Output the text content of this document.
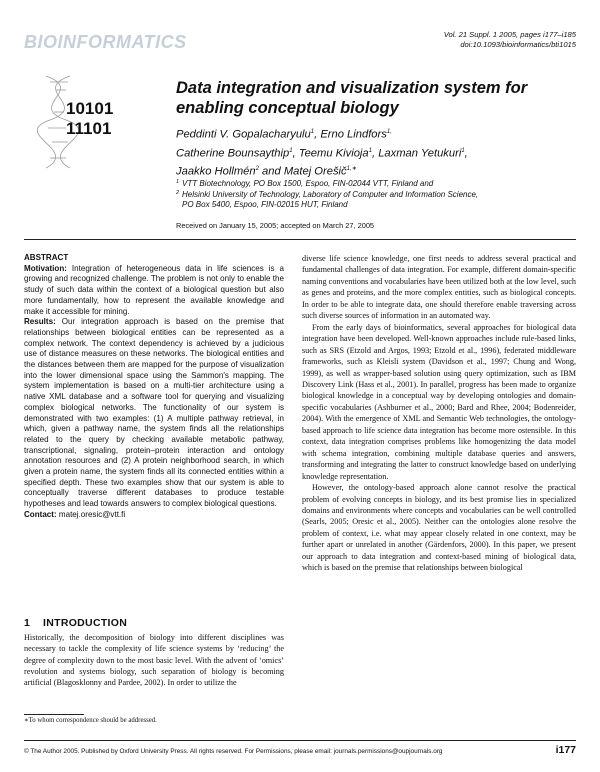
BIOINFORMATICS	Vol. 21 Suppl. 1 2005, pages i177–i185
doi:10.1093/bioinformatics/bti1015
10101
11101
Data integration and visualization system for
enabling conceptual biology
Peddinti V. Gopalacharyulu$^1$, Erno Lindfors$^{1,}$
Catherine Bounsaythip$^1$, Teemu Kivioja$^1$, Laxman Yetukuri$^1$,
Jaakko Hollmén$^2$ and Matej Orešič$^{1,∗}$
1 VTT Biotechnology, PO Box 1500, Espoo, FIN-02044 VTT, Finland and
2 Helsinki University of Technology, Laboratory of Computer and Information Science,
PO Box 5400, Espoo, FIN-02015 HUT, Finland
Received on January 15, 2005; accepted on March 27, 2005

ABSTRACT

Motivation: Integration of heterogeneous data in life sciences is a growing and recognized challenge. The problem is not only to enable the study of such data within the context of a biological question but also more fundamentally, how to represent the available knowledge and make it accessible for mining.

Results: Our integration approach is based on the premise that relationships between biological entities can be represented as a complex network. The context dependency is achieved by a judicious use of distance measures on these networks. The biological entities and the distances between them are mapped for the purpose of visualization into the lower dimensional space using the Sammon's mapping. The system implementation is based on a multi-tier architecture using a native XML database and a software tool for querying and visualizing complex biological networks. The functionality of our system is demonstrated with two examples: (1) A multiple pathway retrieval, in which, given a pathway name, the system finds all the relationships related to the query by checking available metabolic pathway, transcriptional, signaling, protein–protein interaction and ontology annotation resources and (2) A protein neighborhood search, in which given a protein name, the system finds all its connected entities within a specified depth. These two examples show that our system is able to conceptually traverse different databases to produce testable hypotheses and lead towards answers to complex biological questions.

Contact: matej.oresic@vtt.fi

1 INTRODUCTION

Historically, the decomposition of biology into different disciplines was necessary to tackle the complexity of life science systems by ‘reducing’ the degree of complexity down to the most basic level. With the advent of ‘omics’ revolution and systems biology, such separation of biology is becoming artificial (Blagosklonny and Pardee, 2002). In order to utilize the

∗To whom correspondence should be addressed.

diverse life science knowledge, one first needs to address several practical and fundamental challenges of data integration. For example, different domain-specific naming conventions and vocabularies have been utilized both at the low level, such as genes and proteins, and the more complex entities, such as biological concepts. In order to be able to integrate data, one should therefore enable traversing across such diverse sources of information in an automated way.

From the early days of bioinformatics, several approaches for biological data integration have been developed. Well-known approaches include rule-based links, such as SRS (Etzold and Argos, 1993; Etzold et al., 1996), federated middleware frameworks, such as Kleisli system (Davidson et al., 1997; Chung and Wong, 1999), as well as wrapper-based solution using query optimization, such as IBM Discovery Link (Hass et al., 2001). In parallel, progress has been made to organize biological knowledge in a conceptual way by developing ontologies and domain-specific vocabularies (Ashburner et al., 2000; Bard and Rhee, 2004; Bodenreider, 2004). With the emergence of XML and Semantic Web technologies, the ontology-based approach to life science data integration has become more ostensible. In this context, data integration comprises problems like homogenizing the data model with schema integration, combining multiple database queries and answers, transforming and integrating the latter to construct knowledge based on underlying knowledge representation.

However, the ontology-based approach alone cannot resolve the practical problem of evolving concepts in biology, and its best promise lies in specialized domains and environments where concepts and vocabularies can be well controlled (Searls, 2005; Oresic et al., 2005). Neither can the ontologies alone resolve the problem of context, i.e. what may appear closely related in one context, may be further apart or unrelated in another (Gärdenfors, 2000). In this paper, we present our approach to data integration and context-based mining of biological data, which is based on the premise that relationships between biological

© The Author 2005. Published by Oxford University Press. All rights reserved. For Permissions, please email: journals.permissions@oupjournals.org	i177
